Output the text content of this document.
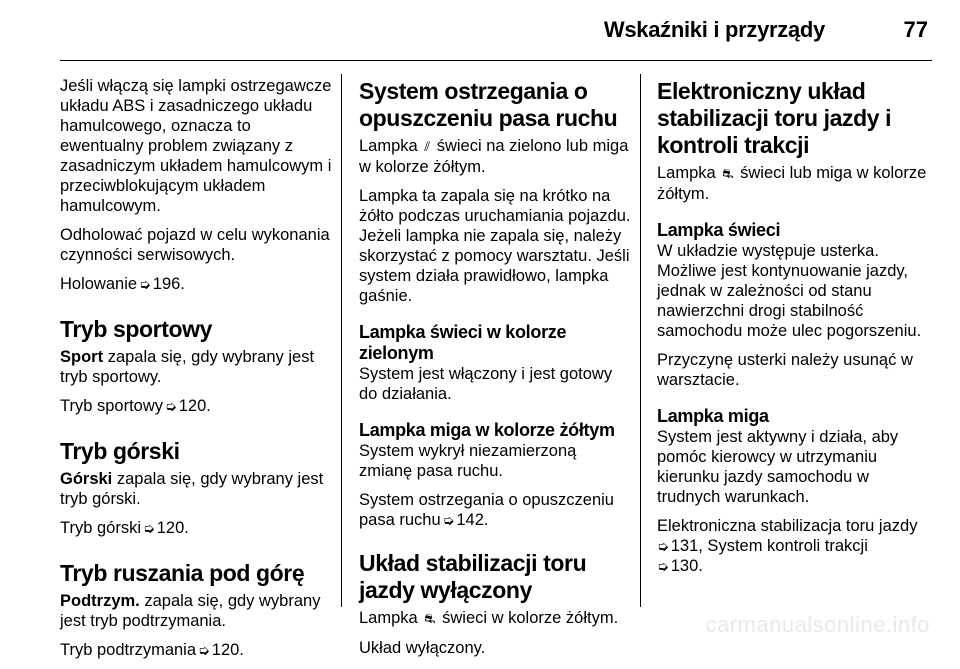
Wskaźniki i przyrządy	77

Jeśli włączą się lampki ostrzegawcze układu ABS i zasadniczego układu hamulcowego, oznacza to ewentualny problem związany z zasadniczym układem hamulcowym i przeciwblokującym układem hamulcowym.

Odholować pojazd w celu wykonania czynności serwisowych.

Holowanie ➭ 196.

Tryb sportowy

Sport zapala się, gdy wybrany jest tryb sportowy.

Tryb sportowy ➭ 120.

Tryb górski

Górski zapala się, gdy wybrany jest tryb górski.

Tryb górski ➭ 120.

Tryb ruszania pod górę

Podtrzym. zapala się, gdy wybrany jest tryb podtrzymania.

Tryb podtrzymania ➭ 120.

System ostrzegania o opuszczeniu pasa ruchu

Lampka ⫽ świeci na zielono lub miga w kolorze żółtym.

Lampka ta zapala się na krótko na żółto podczas uruchamiania pojazdu. Jeżeli lampka nie zapala się, należy skorzystać z pomocy warsztatu. Jeśli system działa prawidłowo, lampka gaśnie.

Lampka świeci w kolorze zielonym

System jest włączony i jest gotowy do działania.

Lampka miga w kolorze żółtym

System wykrył niezamierzoną zmianę pasa ruchu.

System ostrzegania o opuszczeniu pasa ruchu ➭ 142.

Układ stabilizacji toru jazdy wyłączony

Lampka ⛐ świeci w kolorze żółtym.

Układ wyłączony.

Elektroniczny układ stabilizacji toru jazdy i kontroli trakcji

Lampka ⛐ świeci lub miga w kolorze żółtym.

Lampka świeci

W układzie występuje usterka. Możliwe jest kontynuowanie jazdy, jednak w zależności od stanu nawierzchni drogi stabilność samochodu może ulec pogorszeniu.

Przyczynę usterki należy usunąć w warsztacie.

Lampka miga

System jest aktywny i działa, aby pomóc kierowcy w utrzymaniu kierunku jazdy samochodu w trudnych warunkach.

Elektroniczna stabilizacja toru jazdy
➭ 131, System kontroli trakcji
➭ 130.

carmanualsonline.info
